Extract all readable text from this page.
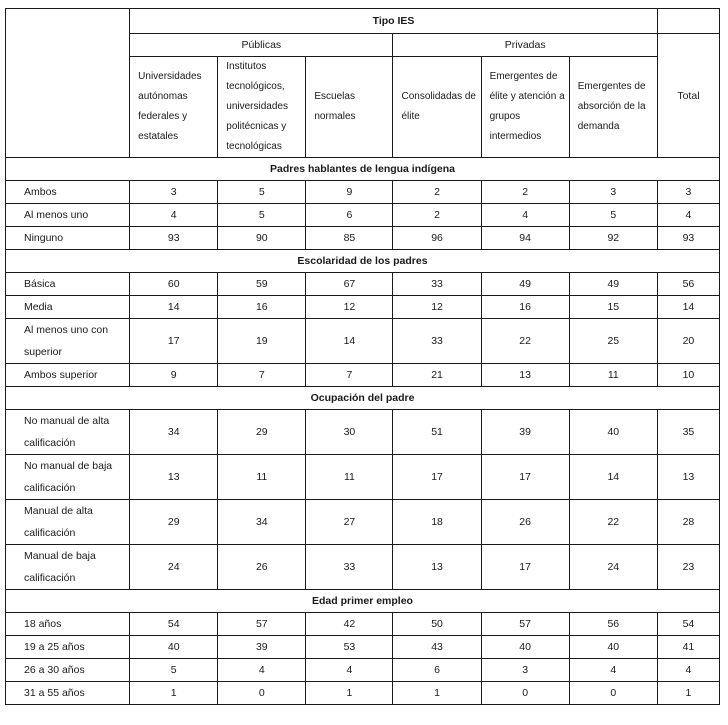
	Tipo IES						
	Públicas			Privadas			Total
	Universidades autónomas federales y estatales	Institutos tecnológicos, universidades politécnicas y tecnológicas	Escuelas normales	Consolidadas de élite	Emergentes de élite y atención a grupos intermedios	Emergentes de absorción de la demanda	
Padres hablantes de lengua indígena							
Ambos	3	5	9	2	2	3	3
Al menos uno	4	5	6	2	4	5	4
Ninguno	93	90	85	96	94	92	93
Escolaridad de los padres							
Básica	60	59	67	33	49	49	56
Media	14	16	12	12	16	15	14
Al menos uno con superior	17	19	14	33	22	25	20
Ambos superior	9	7	7	21	13	11	10
Ocupación del padre							
No manual de alta calificación	34	29	30	51	39	40	35
No manual de baja calificación	13	11	11	17	17	14	13
Manual de alta calificación	29	34	27	18	26	22	28
Manual de baja calificación	24	26	33	13	17	24	23
Edad primer empleo							
18 años	54	57	42	50	57	56	54
19 a 25 años	40	39	53	43	40	40	41
26 a 30 años	5	4	4	6	3	4	4
31 a 55 años	1	0	1	1	0	0	1
